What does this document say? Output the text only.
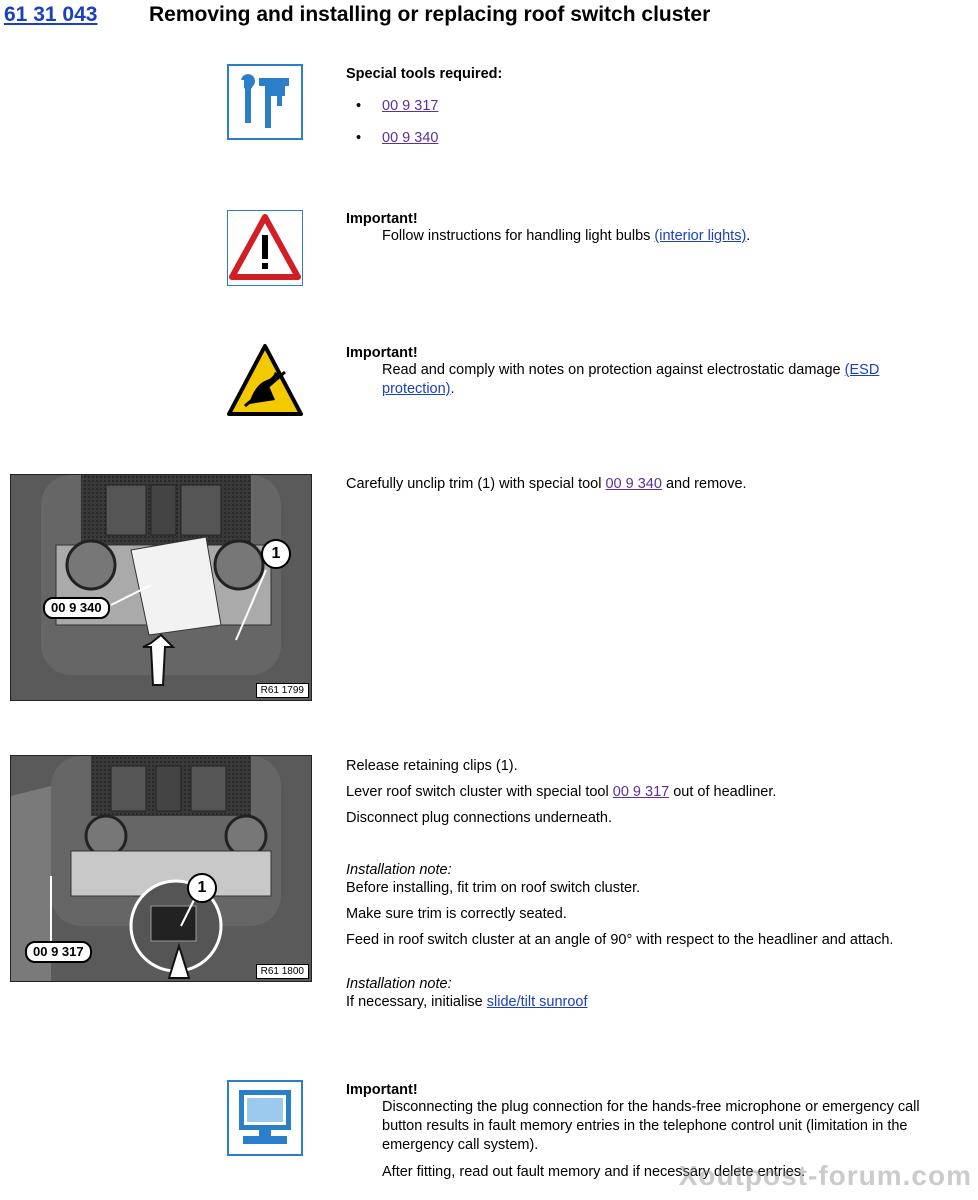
61 31 043 Removing and installing or replacing roof switch cluster
Special tools required:
• 00 9 317
• 00 9 340
Important!
Follow instructions for handling light bulbs (interior lights).
Important!
Read and comply with notes on protection against electrostatic damage (ESD protection).
1
00 9 340
R61 1799
Carefully unclip trim (1) with special tool 00 9 340 and remove.
1
00 9 317
R61 1800
Release retaining clips (1).
Lever roof switch cluster with special tool 00 9 317 out of headliner.
Disconnect plug connections underneath.
Installation note:
Before installing, fit trim on roof switch cluster.
Make sure trim is correctly seated.
Feed in roof switch cluster at an angle of 90° with respect to the headliner and attach.
Installation note:
If necessary, initialise slide/tilt sunroof
Important!
Disconnecting the plug connection for the hands-free microphone or emergency call button results in fault memory entries in the telephone control unit (limitation in the emergency call system).
After fitting, read out fault memory and if necessary delete entries.
Xoutpost-forum.com
